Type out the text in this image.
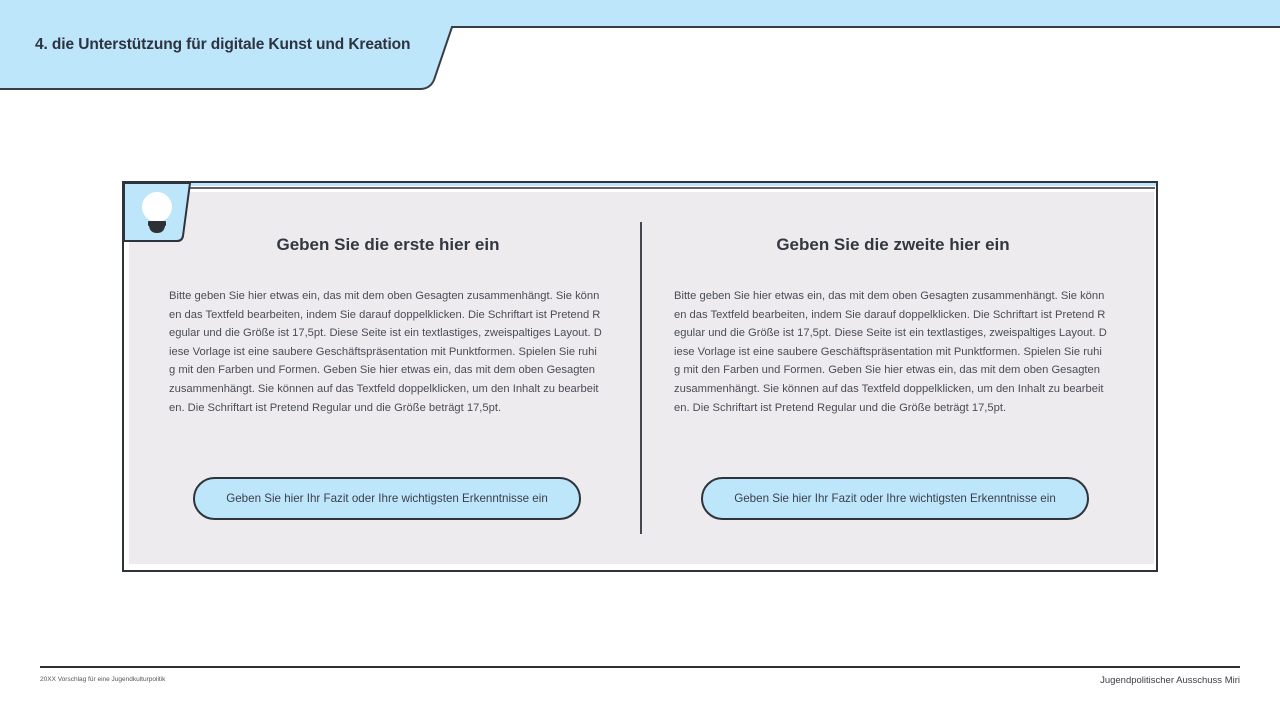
4. die Unterstützung für digitale Kunst und Kreation
Geben Sie die erste hier ein
Bitte geben Sie hier etwas ein, das mit dem oben Gesagten zusammenhängt. Sie können das Textfeld bearbeiten, indem Sie darauf doppelklicken. Die Schriftart ist Pretend Regular und die Größe ist 17,5pt. Diese Seite ist ein textlastiges, zweispaltiges Layout. Diese Vorlage ist eine saubere Geschäftspräsentation mit Punktformen. Spielen Sie ruhig mit den Farben und Formen. Geben Sie hier etwas ein, das mit dem oben Gesagten zusammenhängt. Sie können auf das Textfeld doppelklicken, um den Inhalt zu bearbeiten. Die Schriftart ist Pretend Regular und die Größe beträgt 17,5pt.
Geben Sie hier Ihr Fazit oder Ihre wichtigsten Erkenntnisse ein
Geben Sie die zweite hier ein
Bitte geben Sie hier etwas ein, das mit dem oben Gesagten zusammenhängt. Sie können das Textfeld bearbeiten, indem Sie darauf doppelklicken. Die Schriftart ist Pretend Regular und die Größe ist 17,5pt. Diese Seite ist ein textlastiges, zweispaltiges Layout. Diese Vorlage ist eine saubere Geschäftspräsentation mit Punktformen. Spielen Sie ruhig mit den Farben und Formen. Geben Sie hier etwas ein, das mit dem oben Gesagten zusammenhängt. Sie können auf das Textfeld doppelklicken, um den Inhalt zu bearbeiten. Die Schriftart ist Pretend Regular und die Größe beträgt 17,5pt.
Geben Sie hier Ihr Fazit oder Ihre wichtigsten Erkenntnisse ein
20XX Vorschlag für eine Jugendkulturpolitik	Jugendpolitischer Ausschuss Miri
